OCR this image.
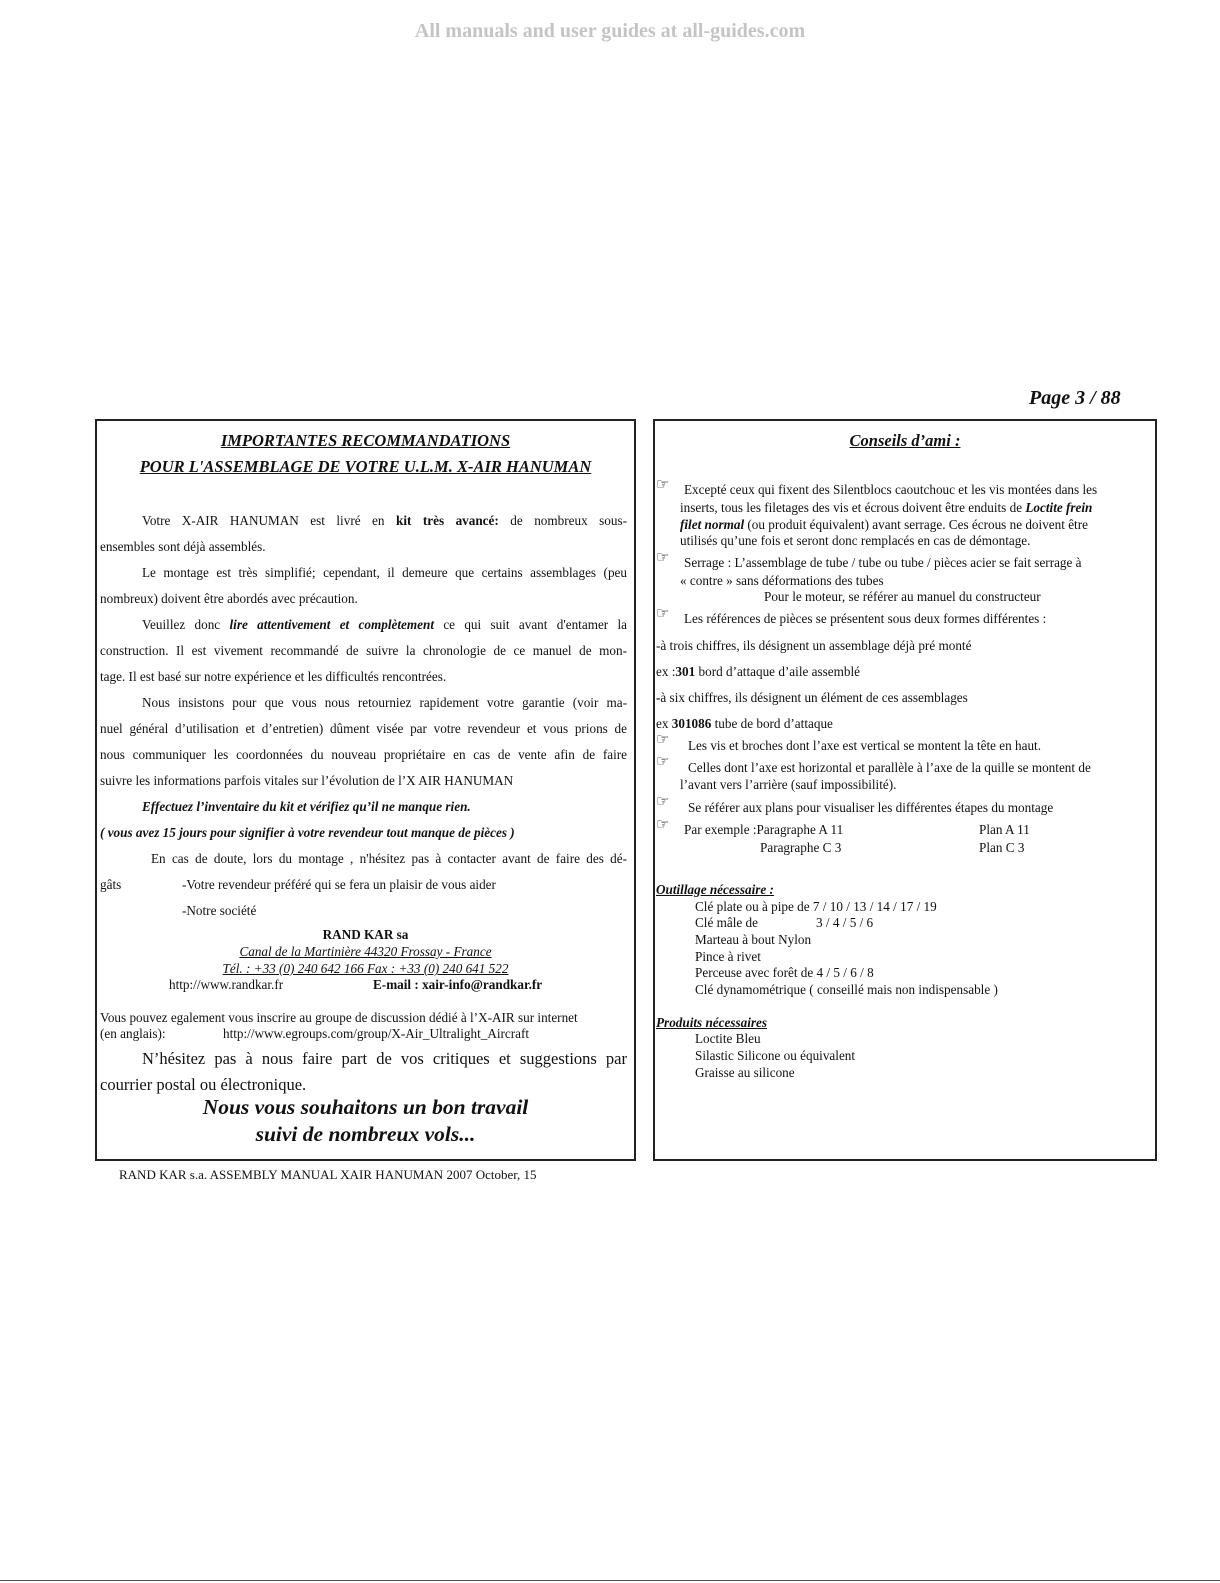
All manuals and user guides at all-guides.com
Page 3 / 88
IMPORTANTES RECOMMANDATIONS
POUR L'ASSEMBLAGE DE VOTRE U.L.M. X-AIR HANUMAN
Votre X-AIR HANUMAN est livré en kit très avancé: de nombreux sous-
ensembles sont déjà assemblés.
Le montage est très simplifié; cependant, il demeure que certains assemblages (peu
nombreux) doivent être abordés avec précaution.
Veuillez donc lire attentivement et complètement ce qui suit avant d'entamer la
construction. Il est vivement recommandé de suivre la chronologie de ce manuel de mon-
tage. Il est basé sur notre expérience et les difficultés rencontrées.
Nous insistons pour que vous nous retourniez rapidement votre garantie (voir ma-
nuel général d’utilisation et d’entretien) dûment visée par votre revendeur et vous prions de
nous communiquer les coordonnées du nouveau propriétaire en cas de vente afin de faire
suivre les informations parfois vitales sur l’évolution de l’X AIR HANUMAN
Effectuez l’inventaire du kit et vérifiez qu’il ne manque rien.
( vous avez 15 jours pour signifier à votre revendeur tout manque de pièces )
En cas de doute, lors du montage , n'hésitez pas à contacter avant de faire des dé-
gâts	-Votre revendeur préféré qui se fera un plaisir de vous aider
-Notre société
RAND KAR sa
Canal de la Martinière 44320 Frossay - France
Tél. : +33 (0) 240 642 166 Fax : +33 (0) 240 641 522
http://www.randkar.fr	E-mail : xair-info@randkar.fr
Vous pouvez egalement vous inscrire au groupe de discussion dédié à l’X-AIR sur internet
(en anglais):	http://www.egroups.com/group/X-Air_Ultralight_Aircraft
N’hésitez pas à nous faire part de vos critiques et suggestions par
courrier postal ou électronique.
Nous vous souhaitons un bon travail
suivi de nombreux vols...
Conseils d’ami :
☞ Excepté ceux qui fixent des Silentblocs caoutchouc et les vis montées dans les
inserts, tous les filetages des vis et écrous doivent être enduits de Loctite frein
filet normal (ou produit équivalent) avant serrage. Ces écrous ne doivent être
utilisés qu’une fois et seront donc remplacés en cas de démontage.
☞ Serrage : L’assemblage de tube / tube ou tube / pièces acier se fait serrage à
« contre » sans déformations des tubes
Pour le moteur, se référer au manuel du constructeur
☞ Les références de pièces se présentent sous deux formes différentes :
-à trois chiffres, ils désignent un assemblage déjà pré monté
ex :301 bord d’attaque d’aile assemblé
-à six chiffres, ils désignent un élément de ces assemblages
ex 301086 tube de bord d’attaque
☞ Les vis et broches dont l’axe est vertical se montent la tête en haut.
☞ Celles dont l’axe est horizontal et parallèle à l’axe de la quille se montent de
l’avant vers l’arrière (sauf impossibilité).
☞ Se référer aux plans pour visualiser les différentes étapes du montage
☞ Par exemple :Paragraphe A 11	Plan A 11
Paragraphe C 3	Plan C 3
Outillage nécessaire :
Clé plate ou à pipe de 7 / 10 / 13 / 14 / 17 / 19
Clé mâle de	3 / 4 / 5 / 6
Marteau à bout Nylon
Pince à rivet
Perceuse avec forêt de 4 / 5 / 6 / 8
Clé dynamométrique ( conseillé mais non indispensable )
Produits nécessaires
Loctite Bleu
Silastic Silicone ou équivalent
Graisse au silicone
RAND KAR s.a. ASSEMBLY MANUAL XAIR HANUMAN 2007 October, 15
